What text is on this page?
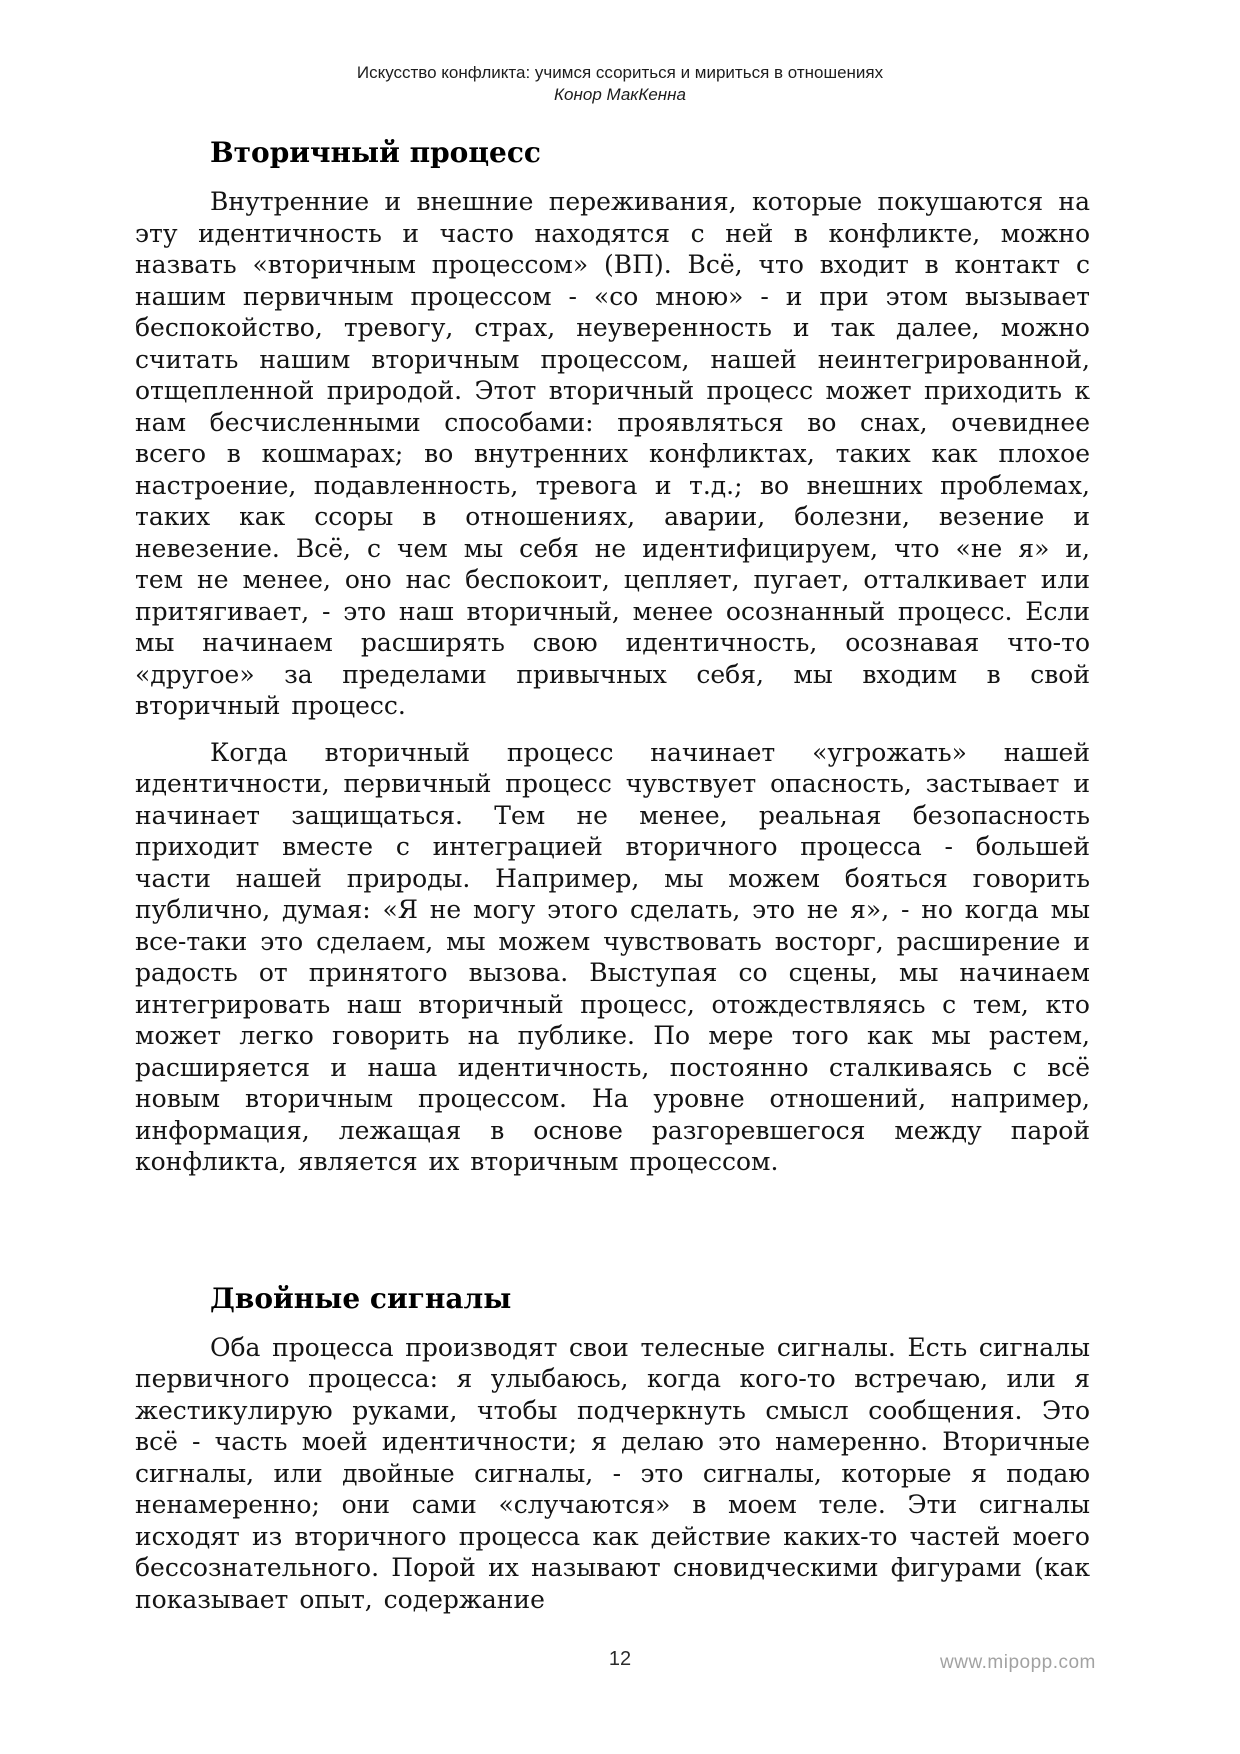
Искусство конфликта: учимся ссориться и мириться в отношениях
Конор МакКенна
Вторичный процесс

Внутренние и внешние переживания, которые покушаются на эту идентичность и часто находятся с ней в конфликте, можно назвать «вторичным процессом» (ВП). Всё, что входит в контакт с нашим первичным процессом - «со мною» - и при этом вызывает беспокойство, тревогу, страх, неуверенность и так далее, можно считать нашим вторичным процессом, нашей неинтегрированной, отщепленной природой. Этот вторичный процесс может приходить к нам бесчисленными способами: проявляться во снах, очевиднее всего в кошмарах; во внутренних конфликтах, таких как плохое настроение, подавленность, тревога и т.д.; во внешних проблемах, таких как ссоры в отношениях, аварии, болезни, везение и невезение. Всё, с чем мы себя не идентифицируем, что «не я» и, тем не менее, оно нас беспокоит, цепляет, пугает, отталкивает или притягивает, - это наш вторичный, менее осознанный процесс. Если мы начинаем расширять свою идентичность, осознавая что-то «другое» за пределами привычных себя, мы входим в свой вторичный процесс.

Когда вторичный процесс начинает «угрожать» нашей идентичности, первичный процесс чувствует опасность, застывает и начинает защищаться. Тем не менее, реальная безопасность приходит вместе с интеграцией вторичного процесса - большей части нашей природы. Например, мы можем бояться говорить публично, думая: «Я не могу этого сделать, это не я», - но когда мы все-таки это сделаем, мы можем чувствовать восторг, расширение и радость от принятого вызова. Выступая со сцены, мы начинаем интегрировать наш вторичный процесс, отождествляясь с тем, кто может легко говорить на публике. По мере того как мы растем, расширяется и наша идентичность, постоянно сталкиваясь с всё новым вторичным процессом. На уровне отношений, например, информация, лежащая в основе разгоревшегося между парой конфликта, является их вторичным процессом.

Двойные сигналы

Оба процесса производят свои телесные сигналы. Есть сигналы первичного процесса: я улыбаюсь, когда кого-то встречаю, или я жестикулирую руками, чтобы подчеркнуть смысл сообщения. Это всё - часть моей идентичности; я делаю это намеренно. Вторичные сигналы, или двойные сигналы, - это сигналы, которые я подаю ненамеренно; они сами «случаются» в моем теле. Эти сигналы исходят из вторичного процесса как действие каких-то частей моего бессознательного. Порой их называют сновидческими фигурами (как показывает опыт, содержание

12	www.mipopp.com
